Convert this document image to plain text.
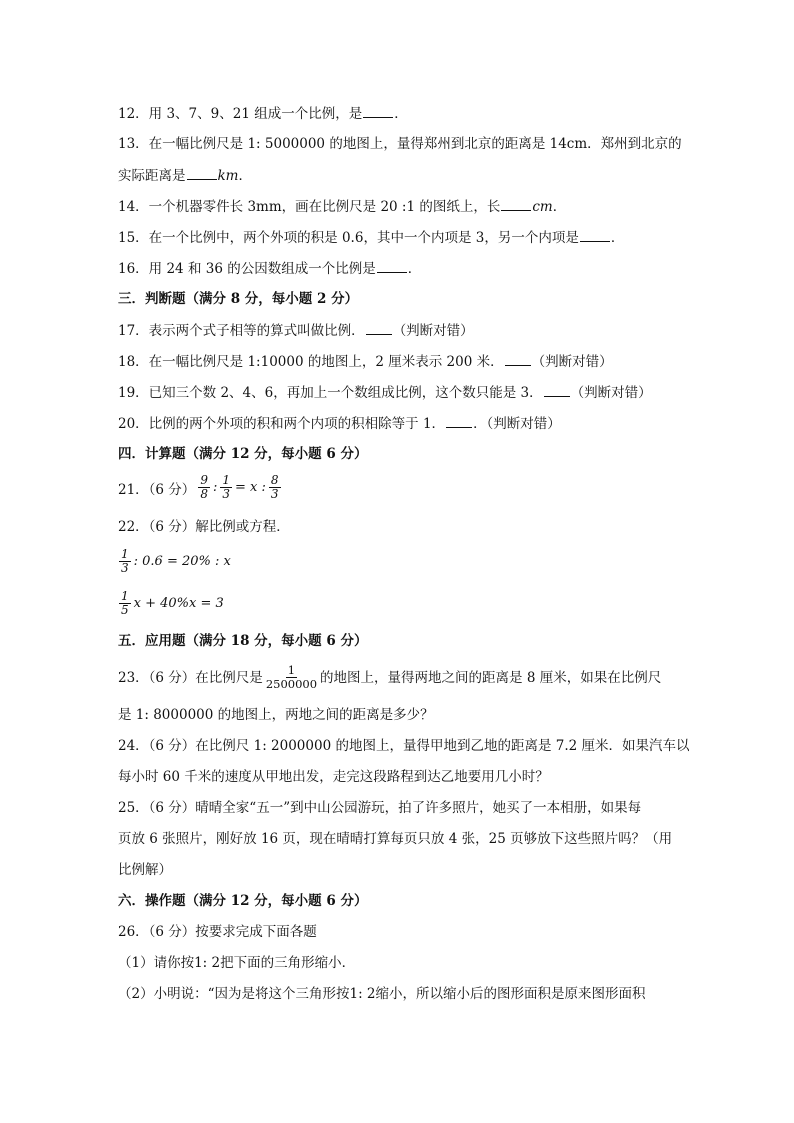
12．用 3、7、9、21 组成一个比例，是 ．
13．在一幅比例尺是 1: 5000000 的地图上，量得郑州到北京的距离是 14cm．郑州到北京的
实际距离是 km．
14．一个机器零件长 3mm，画在比例尺是 20 :1 的图纸上，长 cm．
15．在一个比例中，两个外项的积是 0.6，其中一个内项是 3，另一个内项是 ．
16．用 24 和 36 的公因数组成一个比例是 ．
三．判断题（满分 8 分，每小题 2 分）
17．表示两个式子相等的算式叫做比例． （判断对错）
18．在一幅比例尺是 1:10000 的地图上，2 厘米表示 200 米． （判断对错）
19．已知三个数 2、4、6，再加上一个数组成比例，这个数只能是 3． （判断对错）
20．比例的两个外项的积和两个内项的积相除等于 1． ．（判断对错）
四．计算题（满分 12 分，每小题 6 分）
21．（6 分） $\frac{9}{8}$ : $\frac{1}{3} = x$ : $\frac{8}{3}$
22．（6 分）解比例或方程．
$\frac{1}{3}$ : 0.6 = 20% : x
$\frac{1}{5}$ x + 40%x = 3
五．应用题（满分 18 分，每小题 6 分）
23．（6 分）在比例尺是 $\frac{1}{2500000}$ 的地图上，量得两地之间的距离是 8 厘米，如果在比例尺
是 1: 8000000 的地图上，两地之间的距离是多少？
24．（6 分）在比例尺 1: 2000000 的地图上，量得甲地到乙地的距离是 7.2 厘米．如果汽车以
每小时 60 千米的速度从甲地出发，走完这段路程到达乙地要用几小时？
25．（6 分）晴晴全家“五一”到中山公园游玩，拍了许多照片，她买了一本相册，如果每
页放 6 张照片，刚好放 16 页，现在晴晴打算每页只放 4 张，25 页够放下这些照片吗？（用
比例解）
六．操作题（满分 12 分，每小题 6 分）
26．（6 分）按要求完成下面各题
（1）请你按1: 2把下面的三角形缩小．
（2）小明说：“因为是将这个三角形按1: 2缩小，所以缩小后的图形面积是原来图形面积
